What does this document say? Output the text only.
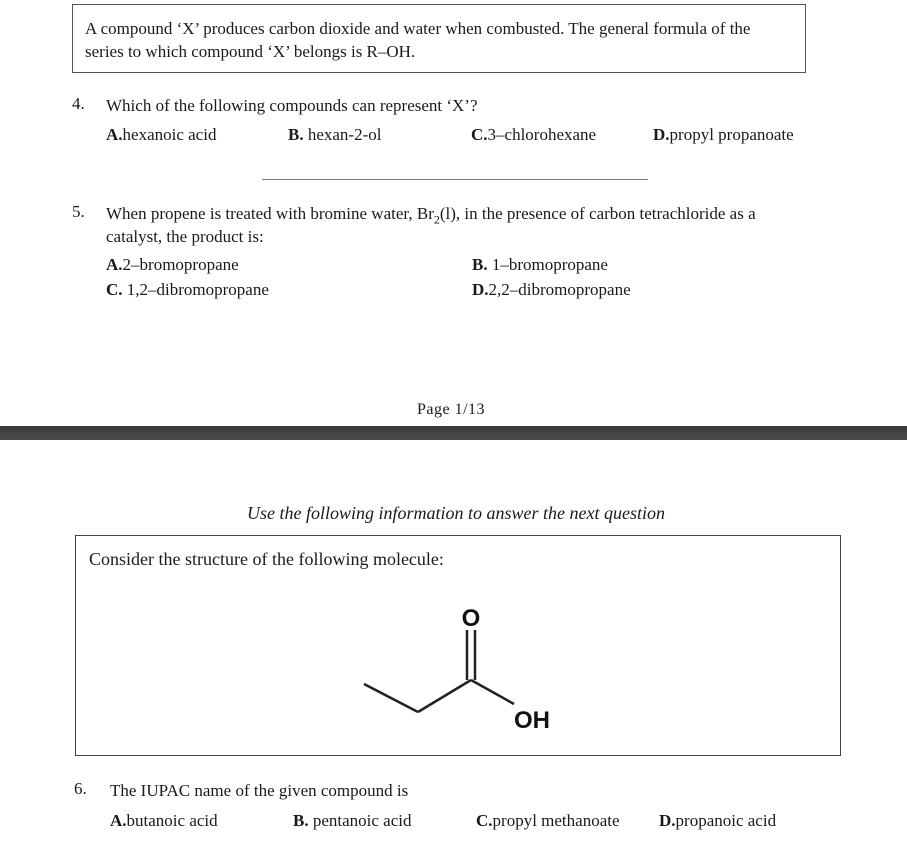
A compound ‘X’ produces carbon dioxide and water when combusted. The general formula of the
series to which compound ‘X’ belongs is R–OH.
4. Which of the following compounds can represent ‘X’?
A.hexanoic acid	B. hexan-2-ol	C.3–chlorohexane	D.propyl propanoate
5. When propene is treated with bromine water, $Br_2(l)$, in the presence of carbon tetrachloride as a
catalyst, the product is:
A.2–bromopropane	B. 1–bromopropane
C. 1,2–dibromopropane	D.2,2–dibromopropane
Page 1/13
Use the following information to answer the next question
Consider the structure of the following molecule:
O
OH
6. The IUPAC name of the given compound is
A.butanoic acid	B. pentanoic acid	C.propyl methanoate D.propanoic acid
